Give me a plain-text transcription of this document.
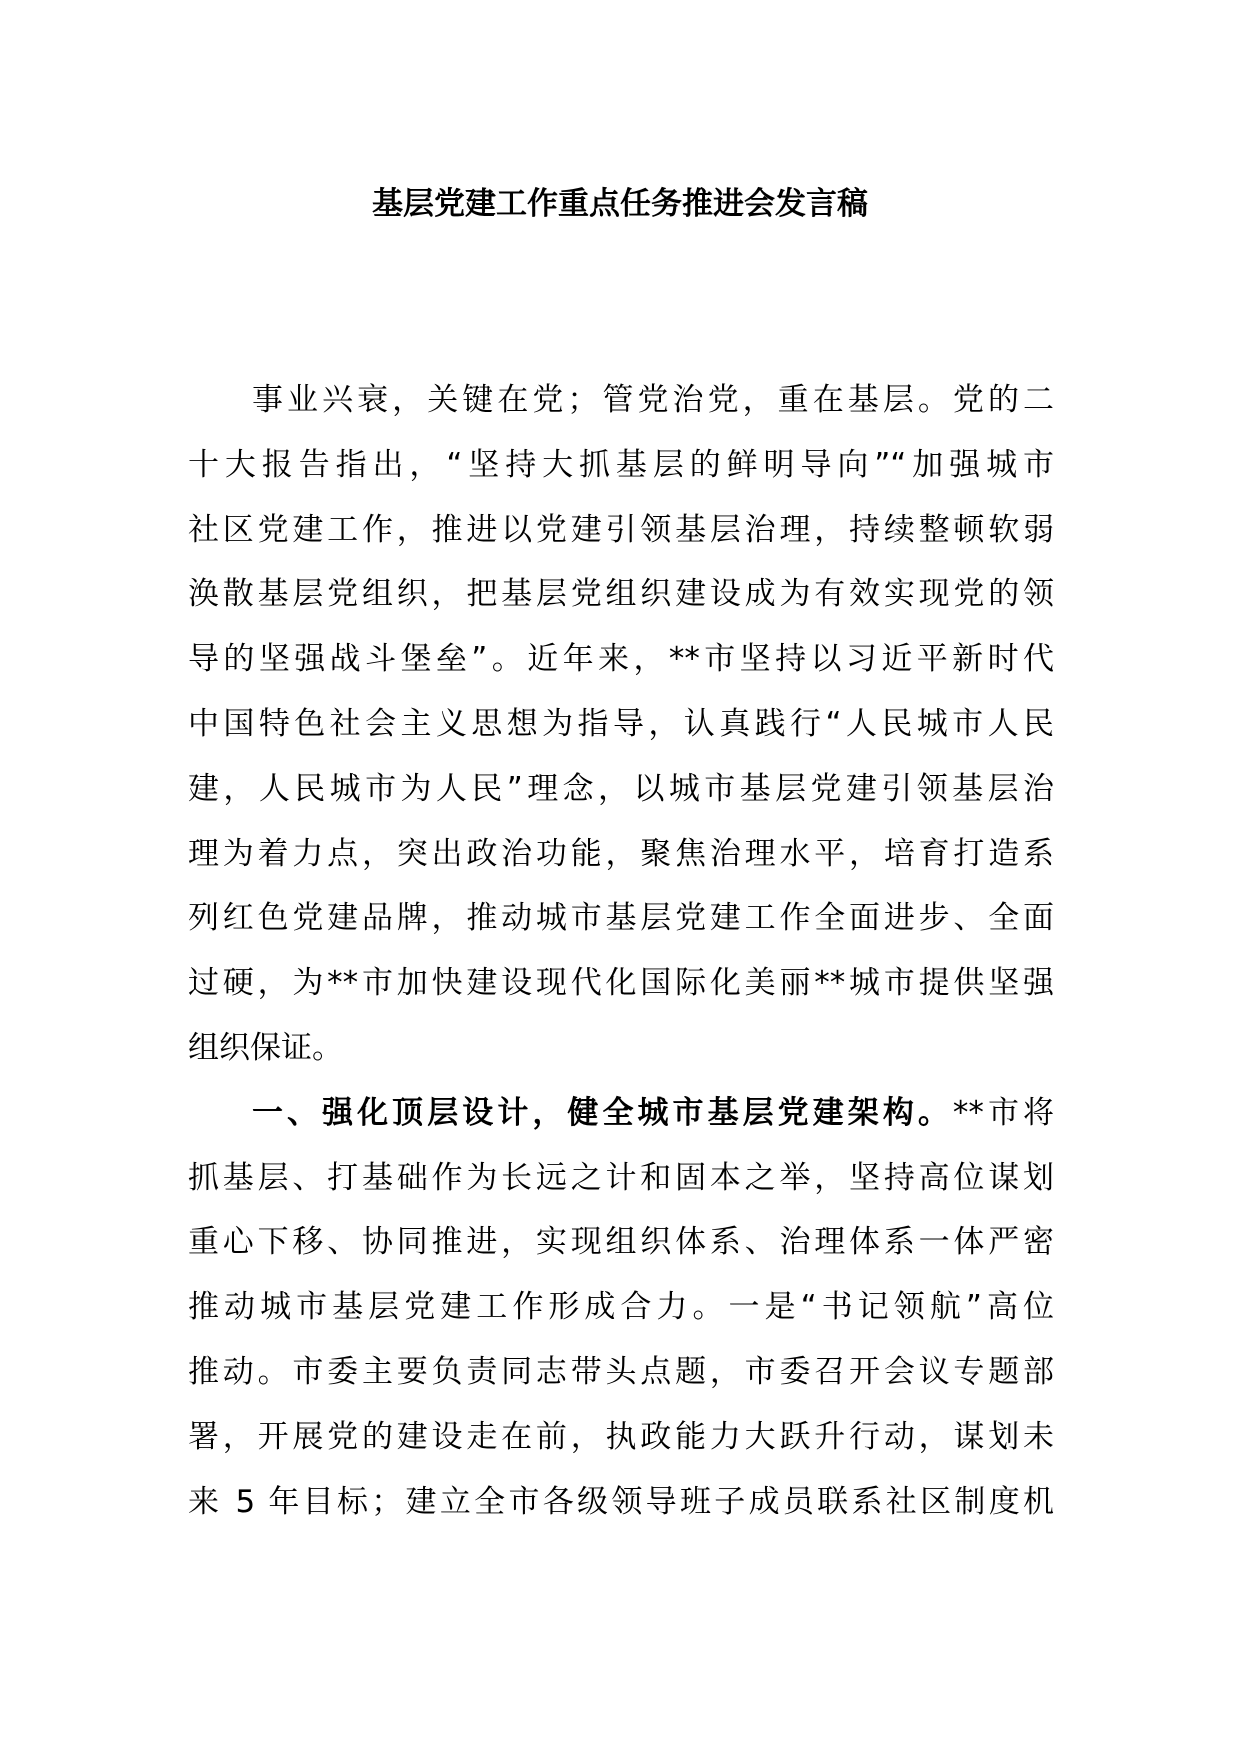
基层党建工作重点任务推进会发言稿
事业兴衰，关键在党；管党治党，重在基层。党的二
十大报告指出，“坚持大抓基层的鲜明导向”“加强城市
社区党建工作，推进以党建引领基层治理，持续整顿软弱
涣散基层党组织，把基层党组织建设成为有效实现党的领
导的坚强战斗堡垒”。近年来，**市坚持以习近平新时代
中国特色社会主义思想为指导，认真践行“人民城市人民
建，人民城市为人民”理念，以城市基层党建引领基层治
理为着力点，突出政治功能，聚焦治理水平，培育打造系
列红色党建品牌，推动城市基层党建工作全面进步、全面
过硬，为**市加快建设现代化国际化美丽**城市提供坚强
组织保证。
一、强化顶层设计，健全城市基层党建架构。**市将
抓基层、打基础作为长远之计和固本之举，坚持高位谋划
重心下移、协同推进，实现组织体系、治理体系一体严密
推动城市基层党建工作形成合力。一是“书记领航”高位
推动。市委主要负责同志带头点题，市委召开会议专题部
署，开展党的建设走在前，执政能力大跃升行动，谋划未
来 5 年目标；建立全市各级领导班子成员联系社区制度机
